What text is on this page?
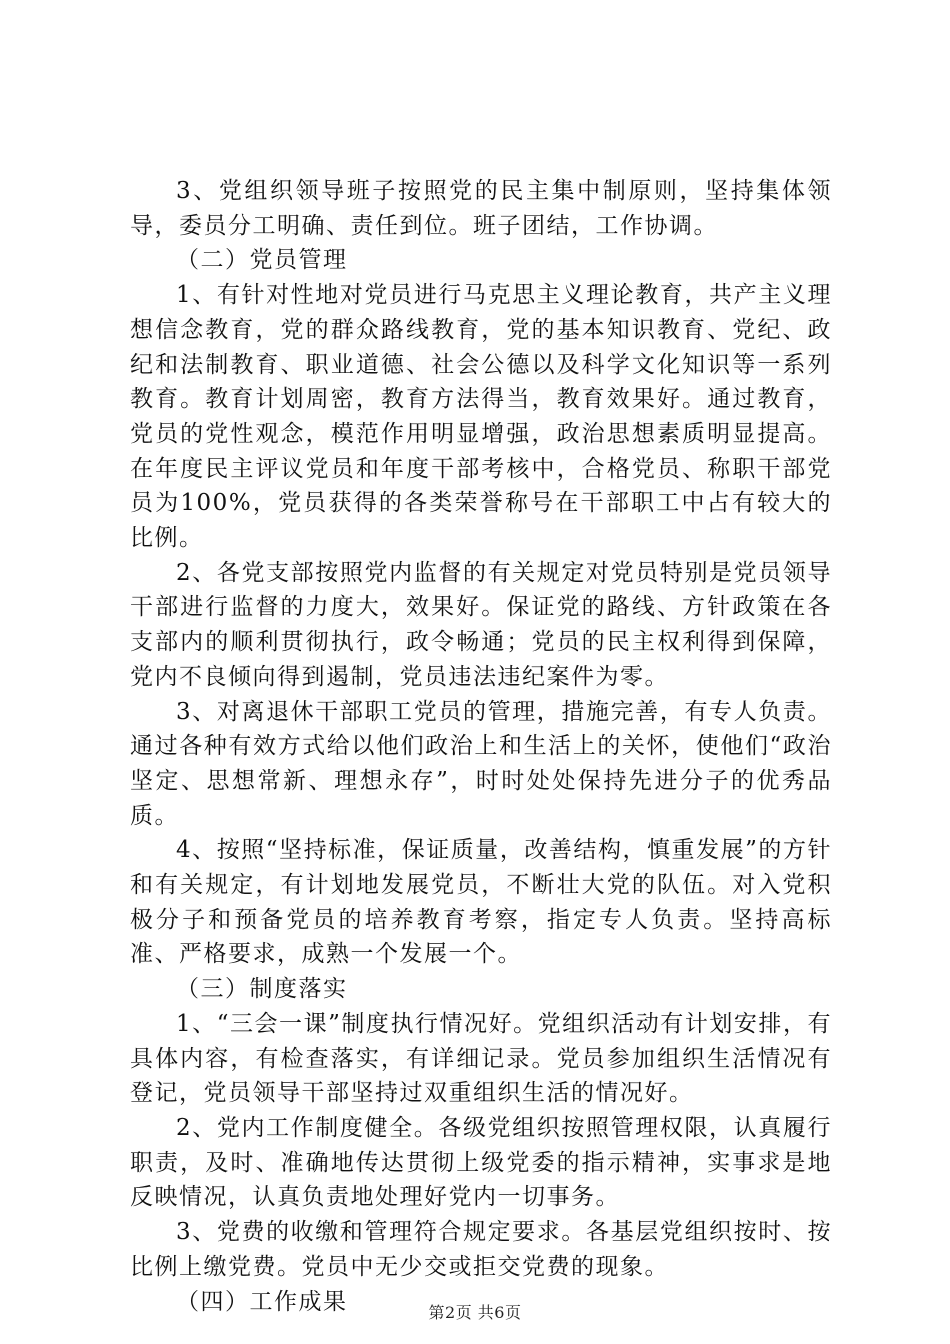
3、党组织领导班子按照党的民主集中制原则，坚持集体领导，委员分工明确、责任到位。班子团结，工作协调。

（二）党员管理

1、有针对性地对党员进行马克思主义理论教育，共产主义理想信念教育，党的群众路线教育，党的基本知识教育、党纪、政纪和法制教育、职业道德、社会公德以及科学文化知识等一系列教育。教育计划周密，教育方法得当，教育效果好。通过教育，党员的党性观念，模范作用明显增强，政治思想素质明显提高。在年度民主评议党员和年度干部考核中，合格党员、称职干部党员为100%，党员获得的各类荣誉称号在干部职工中占有较大的比例。

2、各党支部按照党内监督的有关规定对党员特别是党员领导干部进行监督的力度大，效果好。保证党的路线、方针政策在各支部内的顺利贯彻执行，政令畅通；党员的民主权利得到保障，党内不良倾向得到遏制，党员违法违纪案件为零。

3、对离退休干部职工党员的管理，措施完善，有专人负责。通过各种有效方式给以他们政治上和生活上的关怀，使他们“政治坚定、思想常新、理想永存”，时时处处保持先进分子的优秀品质。

4、按照“坚持标准，保证质量，改善结构，慎重发展”的方针和有关规定，有计划地发展党员，不断壮大党的队伍。对入党积极分子和预备党员的培养教育考察，指定专人负责。坚持高标准、严格要求，成熟一个发展一个。

（三）制度落实

1、“三会一课”制度执行情况好。党组织活动有计划安排，有具体内容，有检查落实，有详细记录。党员参加组织生活情况有登记，党员领导干部坚持过双重组织生活的情况好。

2、党内工作制度健全。各级党组织按照管理权限，认真履行职责，及时、准确地传达贯彻上级党委的指示精神，实事求是地反映情况，认真负责地处理好党内一切事务。

3、党费的收缴和管理符合规定要求。各基层党组织按时、按比例上缴党费。党员中无少交或拒交党费的现象。

（四）工作成果	第2页 共6页
